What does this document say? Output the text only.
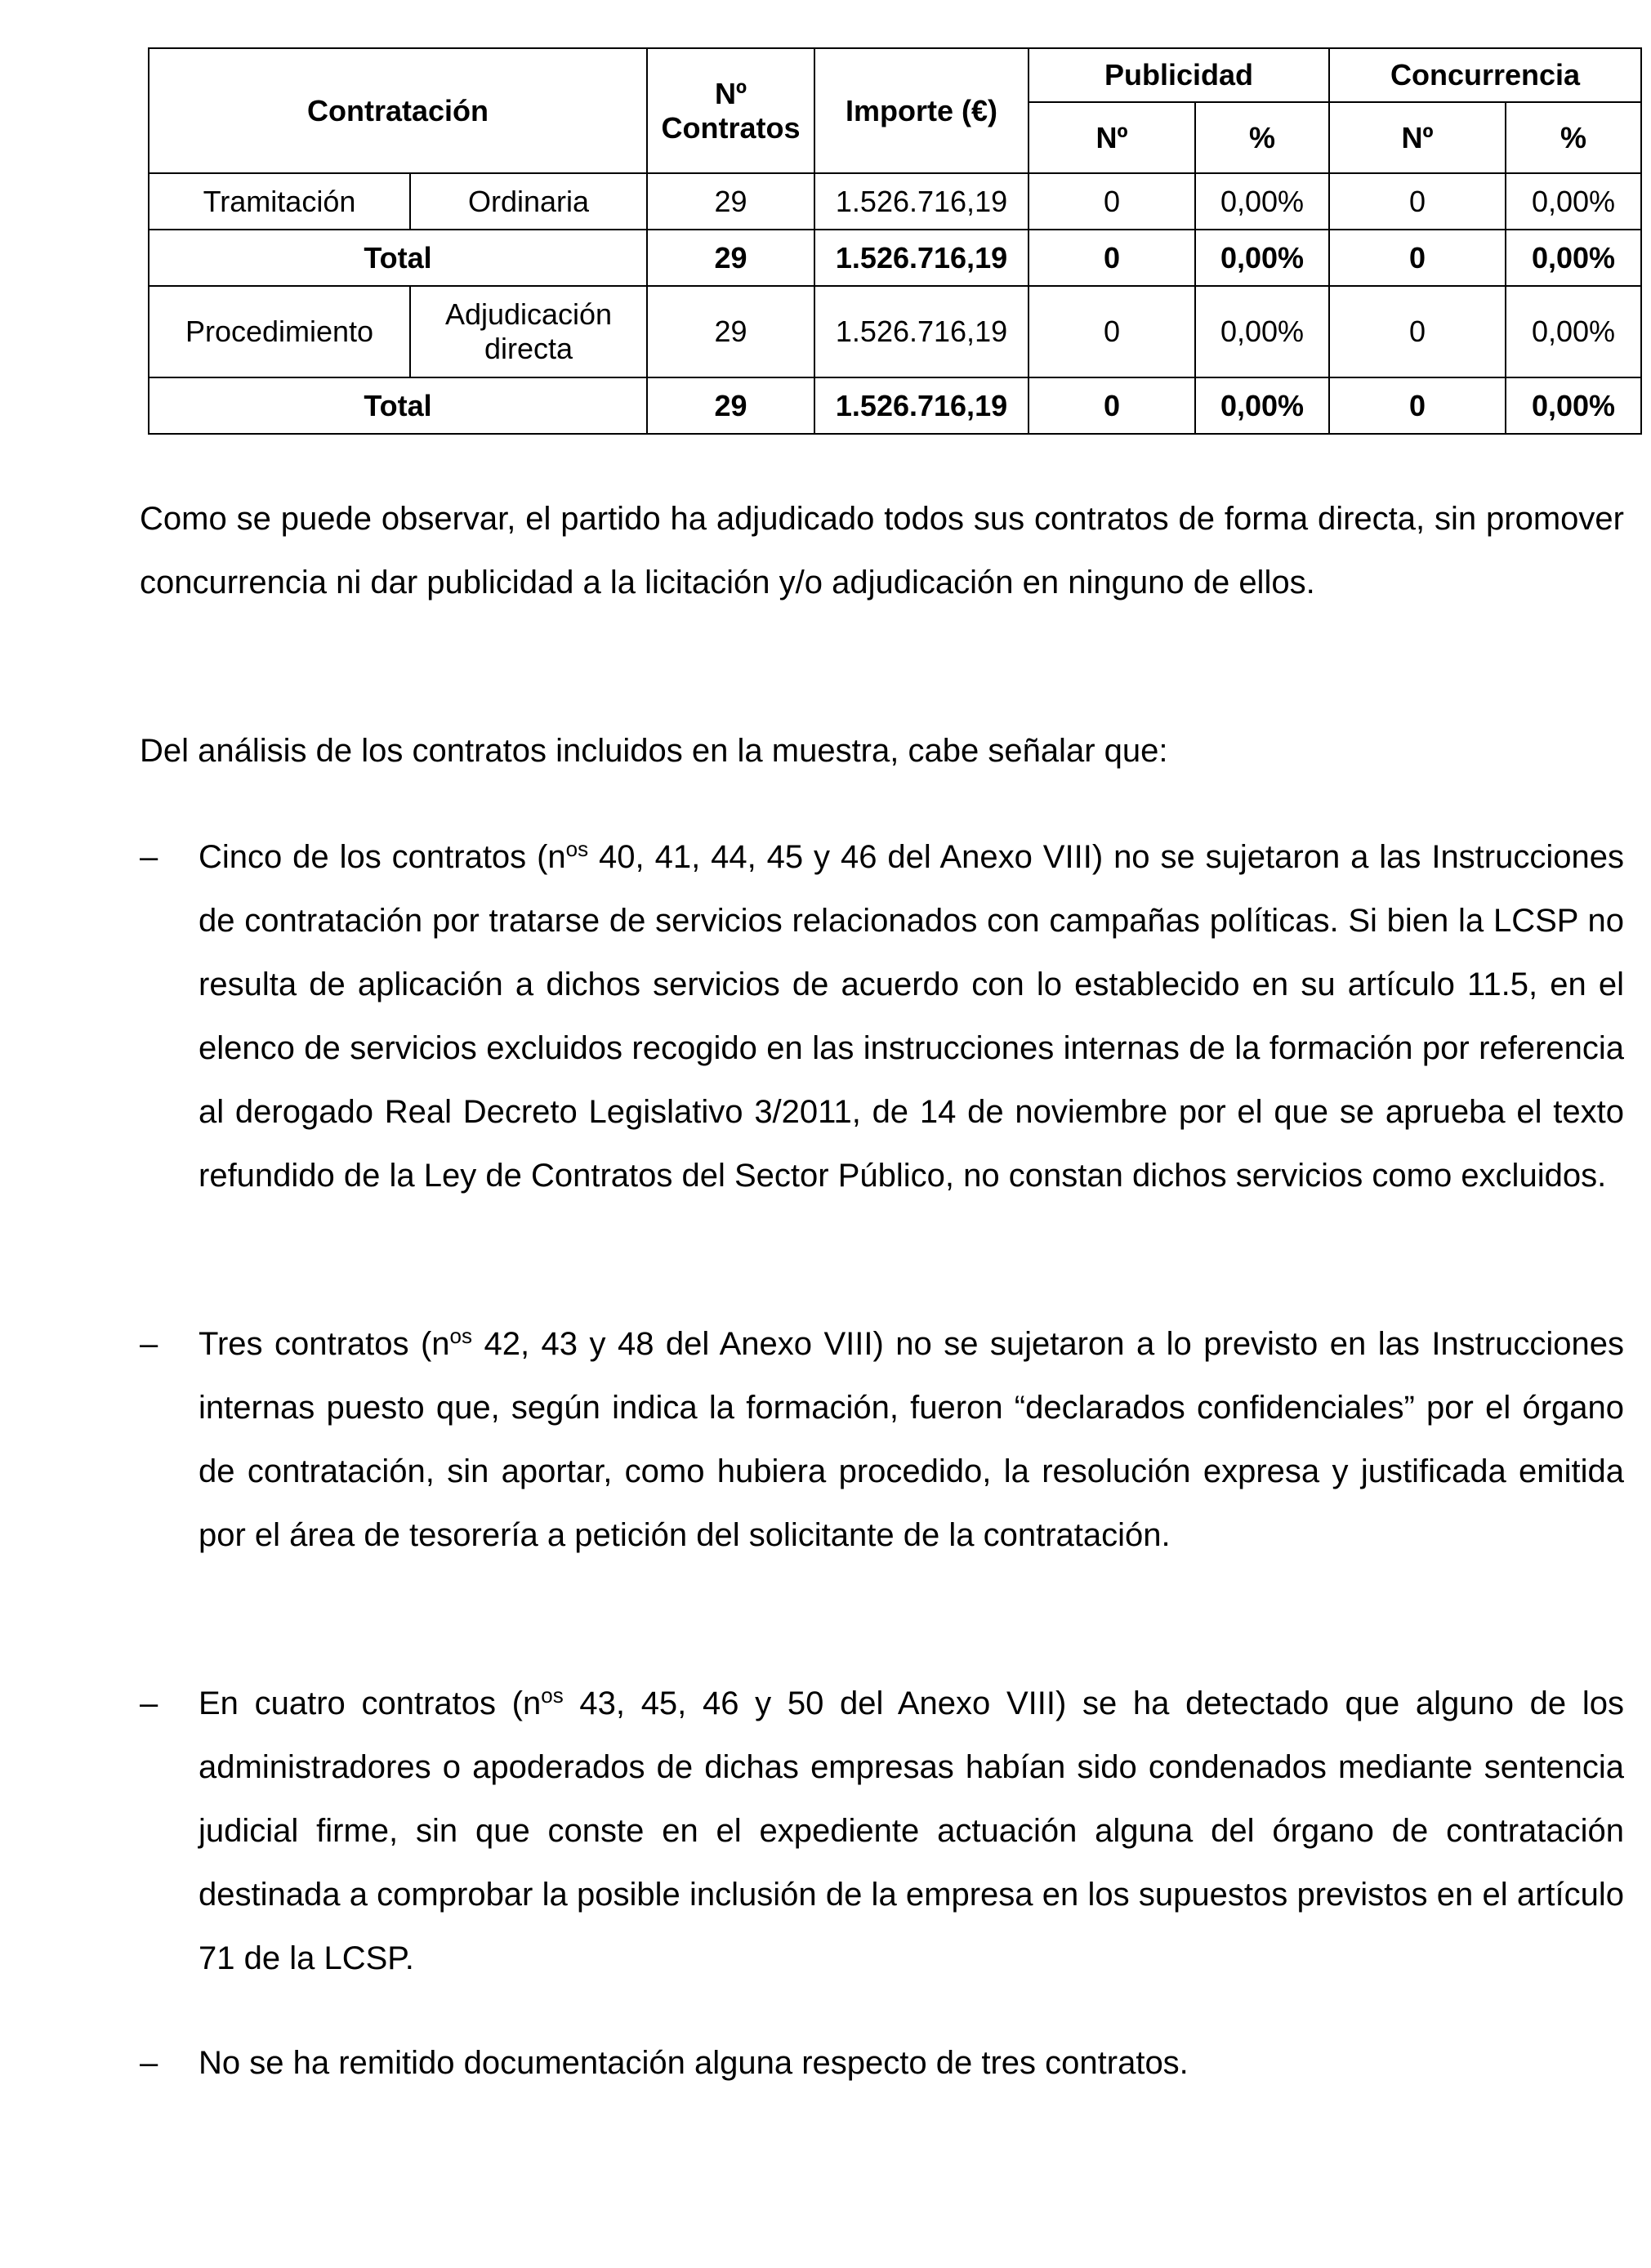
Contratación		Nº Contratos	Importe (€)	Publicidad		Concurrencia	
				Nº	%	Nº	%
Tramitación	Ordinaria	29	1.526.716,19	0	0,00%	0	0,00%
Total		29	1.526.716,19	0	0,00%	0	0,00%
Procedimiento	Adjudicación directa	29	1.526.716,19	0	0,00%	0	0,00%
Total		29	1.526.716,19	0	0,00%	0	0,00%

Como se puede observar, el partido ha adjudicado todos sus contratos de forma directa, sin promover concurrencia ni dar publicidad a la licitación y/o adjudicación en ninguno de ellos.

Del análisis de los contratos incluidos en la muestra, cabe señalar que:

–	Cinco de los contratos ($n^{os}$ 40, 41, 44, 45 y 46 del Anexo VIII) no se sujetaron a las Instrucciones de contratación por tratarse de servicios relacionados con campañas políticas. Si bien la LCSP no resulta de aplicación a dichos servicios de acuerdo con lo establecido en su artículo 11.5, en el elenco de servicios excluidos recogido en las instrucciones internas de la formación por referencia al derogado Real Decreto Legislativo 3/2011, de 14 de noviembre por el que se aprueba el texto refundido de la Ley de Contratos del Sector Público, no constan dichos servicios como excluidos.
–	Tres contratos ($n^{os}$ 42, 43 y 48 del Anexo VIII) no se sujetaron a lo previsto en las Instrucciones internas puesto que, según indica la formación, fueron “declarados confidenciales” por el órgano de contratación, sin aportar, como hubiera procedido, la resolución expresa y justificada emitida por el área de tesorería a petición del solicitante de la contratación.
–	En cuatro contratos ($n^{os}$ 43, 45, 46 y 50 del Anexo VIII) se ha detectado que alguno de los administradores o apoderados de dichas empresas habían sido condenados mediante sentencia judicial firme, sin que conste en el expediente actuación alguna del órgano de contratación destinada a comprobar la posible inclusión de la empresa en los supuestos previstos en el artículo 71 de la LCSP.
–	No se ha remitido documentación alguna respecto de tres contratos.
